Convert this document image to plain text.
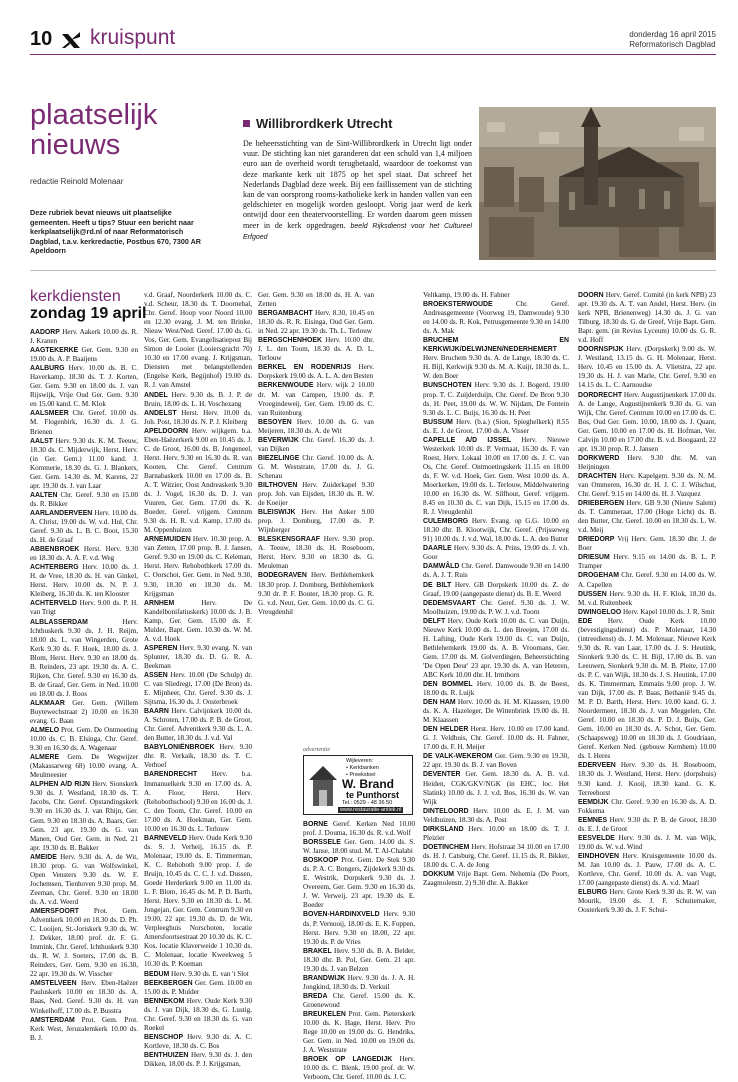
10 kruispunt	donderdag 16 april 2015
Reformatorisch Dagblad
plaatselijk
nieuws
redactie Reinold Molenaar
Deze rubriek bevat nieuws uit plaatselijke gemeenten. Heeft u tips? Stuur een bericht naar kerkplaatselijk@rd.nl of naar Reformatorisch Dagblad, t.a.v. kerkredactie, Postbus 670, 7300 AR Apeldoorn
Willibrordkerk Utrecht
De beheersstichting van de Sint-Willibrordkerk in Utrecht ligt onder vuur. De stichting kan niet garanderen dat een schuld van 1,4 miljoen euro aan de overheid wordt terugbetaald, waardoor de toekomst van deze markante kerk uit 1875 op het spel staat. Dat schreef het Nederlands Dagblad deze week. Bij een faillissement van de stichting kan de van oorsprong rooms-katholieke kerk in handen vallen van een geldschieter en mogelijk worden gesloopt. Vorig jaar werd de kerk ontwijd door een theatervoorstelling. Er worden daarom geen missen meer in de kerk opgedragen. beeld Rijksdienst voor het Cultureel Erfgoed
kerkdiensten
zondag 19 april

AADORP Herv. Aakerk 10.00 ds. R. J. Kranen

AAGTEKERKE Ger. Gem. 9.30 en 19.00 ds. A. P. Baaijens

AALBURG Herv. 10.00 ds. B. C. Haverkamp, 18.30 ds. T. J. Korten, Ger. Gem. 9.30 en 18.00 ds. J. van Rijswijk, Vrije Oud Ger. Gem. 9.30 en 15.00 kand. C. M. Klok

AALSMEER Chr. Geref. 10.00 ds. M. Flogenbirk, 16.30 ds. J. G. Brienen

AALST Herv. 9.30 ds. K. M. Teeuw, 18.30 ds. C. Mijderwijk, Herst. Herv. (in Ger. Gem.) 11.00 kand. J. Kommerie, 18.30 ds. G. J. Blankers, Ger. Gem. 14.30 ds. M. Karens, 22 apr. 19.30 ds. J. van Laar

AALTEN Chr. Geref. 9.30 en 15.00 ds. R. Bikker

AARLANDERVEEN Herv. 10.00 ds. A. Christ, 19.00 ds. W. v.d. Hul, Chr. Geref. 9.30 ds. L. B. C. Boot, 15.30 ds. H. de Graaf

ABBENBROEK Herst. Herv. 9.30 en 18.30 ds. A. A. F. v.d. Weg

ACHTERBERG Herv. 10.00 ds. J. H. de Vree, 18.30 ds. H. van Ginkel, Herst. Herv. 10.00 ds. N. P. J. Kleiberg, 16.30 ds. K. ten Klooster

ACHTERVELD Herv. 9.00 ds. P. H. van Trigt

ALBLASSERDAM	Herv. Ichthuskerk 9.30 ds. J. H. Reijm, 18.00 ds. L. van Wingerden, Grote Kerk 9.30 ds. F. Hoek, 18.00 ds. J. Blom, Herst. Herv. 9.30 en 18.00 ds. B. Reinders, 23 apr. 19.30 ds. A. C. Rijken, Chr. Geref. 9.30 en 16.30 ds. B. de Graaf, Ger. Gem. in Ned. 10.00 en 18.00 ds. J. Roos

ALKMAAR Ger. Gem. (Willem Buytewechstraat 2) 10.00 en 16.30 evang. G. Baan

ALMELO Prot. Gem. De Ontmoeting 10.00 ds. C. B. Elsinga, Chr. Geref. 9.30 en 16.30 ds. A. Wagenaar

ALMERE Gem. De Wegwijzer (Makassarweg 68) 10.00 evang. A. Meulmeester

ALPHEN A/D RIJN Herv. Sionskerk 9.30 ds. J. Westland, 18.30 ds. T. Jacobs, Chr. Geref. Opstandingskerk 9.30 en 16.30 ds. J. van Rhijn, Ger. Gem. 9.30 en 18.30 ds. A. Baars, Ger. Gem. 23 apr. 19.30 ds. G. van Manen, Oud Ger. Gem. in Ned. 21 apr. 19.30 ds. B. Bakker

AMEIDE Herv. 9.30 ds. A. de Wit, 18.30 prop. G. van Wolfswinkel, Open Vensters 9.30 ds. W. F. Jochemsen, Tienhoven 9.30 prop. M. Zeeman, Chr. Geref. 9.30 en 18.00 ds. A. v.d. Weerd

AMERSFOORT Prot. Gem. Adventkerk 10.00 en 18.30 ds. D. Ph. C. Looijen, St.-Joriskerk 9.30 ds. W. J. Dekker, 18.00 prof. dr. F. G. Immink, Chr. Geref. Ichthuskerk 9.30 ds. R. W. J. Soeters, 17.00 ds. B. Reinders, Ger. Gem. 9.30 en 16.30, 22 apr. 19.30 ds. W. Visscher

AMSTELVEEN Herv. Eben-Haëzer Pauluskerk 10.00 en 18.30 ds. A. Baas, Ned. Geref. 9.30 ds. H. van Winkelhoff, 17.00 ds. P. Busstra

AMSTERDAM Prot. Gem. Prot. Kerk West, Jeruzalemkerk 10.00 ds. B. J.

v.d. Graaf, Noorderkerk 10.00 ds. C. v.d. Scheur, 18.30 ds. T. Doornebal, Chr. Geref. Hoop voor Noord 10.00 en 12.30 evang. J. M. ten Brinke, Nieuw West/Ned. Geref. 17.00 ds. G. Vos, Ger. Gem. Evangelisatiepost Bij Simon de Looier (Looiersgracht 70) 10.30 en 17.00 evang. J. Krijgsman, Diensten met belangstellenden (Engelse Kerk, Begijnhof) 19.00 ds. R. J. van Amstel

ANDEL Herv. 9.30 ds. B. J. P. de Bruin, 18.00 ds. L. H. Voschezang

ANDELST Herst. Herv. 10.00 ds. Joh. Post, 18.30 ds. N. P. J. Kleiberg

APELDOORN Herv. wijkgem. b.a. Eben-Haëzerkerk 9.00 en 10.45 ds. J. C. de Groot, 16.00 ds. B. Jongeneel, Herst. Herv. 9.30 en 16.30 ds. R. van Kooten, Chr. Geref. Centrum Barnabaskerk 10.00 en 17.00 ds. B. A. T. Witzier, Oost Andreaskerk 9.30 ds. J. Vogel, 16.30 ds. D. J. van Vuuren, Ger. Gem. 17.00 ds. K. Boeder, Geref. vrijgem. Centrum 9.30 ds. H. R. v.d. Kamp, 17.00 ds. M. Oppenhuizen

ARNEMUIDEN Herv. 10.30 prop. A. van Zetten, 17.00 prop. R. J. Jansen, Geref. 9.30 en 19.00 ds. C. Keleman, Herst. Herv. Rehobothkerk 17.00 ds. C. Oorschot, Ger. Gem. in Ned. 9.30, 9.30, 18.30 en 18.30 ds. M. Krijgsman

ARNHEM	Herv. De Kandelbonifatiuskerk) 10.00 ds. J. B. Kamp, Ger. Gem. 15.00 ds. F. Mulder, Bapt. Gem. 10.30 ds. W. M. A. v.d. Hoek

ASPEREN Herv. 9.30 evang. N. van Splunter, 18.30 ds. D. G. R. A. Beekman

ASSEN Herv. 10.00 (De Schulp) dr. C. van Sliedregt, 17.00 (De Bron) ds. E. Mijnheer, Chr. Geref. 9.30 ds. J. Sijtsma, 16.30 ds. J. Oosterbroek

BAARN Herv. Calvijnkerk 10.00 ds. A. Schroten, 17.00 ds. P. B. de Groot, Chr. Geref. Adventkerk 9.30 ds. L. A. den Butter, 18.30 ds. J. v.d. Val

BABYLONIËNBROEK Herv. 9.30 dhr. R. Verkaik, 18.30 ds. T. C. Verhoef

BARENDRECHT Herv. b.a. Immanuelkerk 9.30 en 17.00 ds. A. A. Floor, Herst. Herv. (Rehobothschool) 9.30 en 16.00 ds. J. C. den Toom, Chr. Geref. 10.00 en 17.00 ds. A. Hoekman, Ger. Gem. 10.00 en 16.30 ds. L. Terlouw

BARNEVELD Herv. Oude Kerk 9.30 ds. S. J. Verheij, 16.15 ds. P. Molenaar, 19.00 ds. E. Timmerman, K. C. Rehoboth 9.00 prop. J. de Bruijn, 10.45 ds. C. C. J. v.d. Dussen, Goede Herderkerk 9.00 en 11.00 ds. L. F. Blom, 16.45 ds. M. P. D. Barth, Herst. Herv. 9.30 en 18.30 ds. L. M. Jongejan, Ger. Gem. Centrum 9.30 en 19.00, 22 apr. 19.30 ds. D. de Wit, Verpleeghuis Norschoten, locatie Amersfoortsestraat 20 10.30 ds. K. C. Kos, locatie Klaverweide 1 10.30 ds. C. Molenaar, locatie Kweekweg 5 10.30 ds. P. Koeman

BEDUM Herv. 9.30 ds. E. van 't Slot

BEEKBERGEN Ger. Gem. 10.00 en 15.00 ds. P. Mulder

BENNEKOM Herv. Oude Kerk 9.30 ds. J. van Dijk, 18.30 ds. G. Lustig, Chr. Geref. 9.30 en 18.30 ds. G. van Roekel

BENSCHOP Herv. 9.30 ds. A. C. Kortleve, 18.30 ds. C. Bos

BENTHUIZEN Herv. 9.30 ds. J. den Dikken, 18.00 ds. P. J. Krijgsman,

Ger. Gem. 9.30 en 18.00 ds. H. A. van Zetten

BERGAMBACHT Herv. 8.30, 10.45 en 18.30 ds. R. R. Eisinga, Oud Ger. Gem. in Ned. 22 apr. 19.30 ds. Th. L. Terlouw

BERGSCHENHOEK Herv. 10.00 dhr. J. L. den Toom, 18.30 ds. A. D. L. Terlouw

BERKEL EN RODENRIJS Herv. Dorpskerk 19.00 ds. A. L. A. den Besten

BERKENWOUDE Herv. wijk 2 10.00 dr. M. van Campen, 19.00 ds. P. Vroegindeweij, Ger. Gem. 19.00 ds. C. van Ruitenburg

BESOYEN Herv. 10.00 ds. G. van Meijeren, 18.30 ds. A. de Wit

BEVERWIJK Chr. Geref. 16.30 ds. J. van Dijken

BIEZELINGE Chr. Geref. 10.00 ds. A. G. M. Weststrate, 17.00 ds. J. G. Schenau

BILTHOVEN Herv. Zuiderkapel 9.30 prop. Joh. van Eijsden, 18.30 ds. R. W. de Koeijer

BLEISWIJK Herv. Het Anker 9.00 prop. J. Domburg, 17.00 ds. P. Wijnberger

BLESKENSGRAAF Herv. 9.30 prop. A. Teeuw, 18.30 ds. H. Roseboom, Herst. Herv. 9.30 en 18.30 ds. G. Meuleman

BODEGRAVEN Herv. Bethlehemkerk 18.30 prop. J. Domburg, Bethlehemkerk 9.30 dr. P. F. Bouter, 18.30 prop. G. R. G. v.d. Neut, Ger. Gem. 10.00 ds. C. G. Vreugdenhil

BORNE Geref. Kerken Ned 10.00 prof. J. Douma, 16.30 ds. R. v.d. Wolf

BORSSELE Ger. Gem. 14.00 ds. S. W. Janse, 18.00 stud. M. T. Al-Chalabi

BOSKOOP Prot. Gem. De Stek 9.30 ds. P. A. C. Bongers, Zijdekerk 9.30 ds. E. Westrik, Dorpskerk 9.30 ds. J. Overeem, Ger. Gem. 9.30 en 16.30 ds. J. W. Verweij, 23 apr. 19.30 ds. E. Boeder

BOVEN-HARDINXVELD Herv. 9.30 ds. P. Vernooij, 18.00 ds. E. K. Foppen, Herst. Herv. 9.30 en 18.00, 22 apr. 19.30 ds. P. de Vries

BRAKEL Herv. 9.30 ds. B. A. Belder, 18.30 dhr. B. Pol, Ger. Gem. 21 apr. 19.30 ds. J. van Belzen

BRANDWIJK Herv. 9.30 ds. J. A. H. Jongkind, 18.30 ds. D. Verkuil

BREDA Chr. Geref. 15.00 ds. K. Groenewoud

BREUKELEN Prot. Gem. Pieterskerk 10.00 ds. K. Hage, Herst. Herv. Pro Rege 10.00 en 19.00 ds. G. Hendriks, Ger. Gem. in Ned. 10.00 en 19.00 ds. J. A. Weststrate

BROEK OP LANGEDIJK Herv. 10.00 ds. C. Blenk, 19.00 prof. dr. W. Verboom, Chr. Geref. 10.00 ds. J. C.

Veltkamp, 19.00 ds. H. Fahner

BROEKSTERWOUDE	Chr. Geref. Andreasgemeente (Voorweg 19, Damwoude) 9.30 en 14.00 ds. R. Kok, Petrusgemeente 9.30 en 14.00 ds. A. Mak

BRUCHEM EN KERKWIJK/DELWIJNEN/NEDERHEMERT Herv. Bruchem 9.30 ds. A. de Lange, 18.30 ds. C. H. Bijl, Kerkwijk 9.30 ds. M. A. Kuijt, 18.30 ds. L. W. den Boer

BUNSCHOTEN Herv. 9.30 ds. J. Bogerd, 19.00 prop. T. C. Zuijderduijn, Chr. Geref. De Bron 9.30 ds. H. Peet, 19.00 ds. W. W. Nijdam, De Fontein 9.30 ds. L. C. Buijs, 16.30 ds. H. Peet

BUSSUM Herv. (b.a.) (Sion, Spieghelkerk) 8.55 ds. E. J. de Groot, 17.00 ds. A. Visser

CAPELLE A/D IJSSEL Herv. Nieuwe Westerkerk 10.00 ds. P. Vermaat, 16.30 ds. F. van Roest, Herv. Lokaal 10.00 en 17.00 ds. J. C. van Os, Chr. Geref. Ontmoetingskerk 11.15 en 18.00 ds. F. W. v.d. Hoek, Ger. Gem. West 10.00 ds. A. Moerkerken, 19.00 ds. L. Terlouw, Middelwatering 10.00 en 16.30 ds. W. Silfhout, Geref. vrijgem. 8.45 en 10.30 ds. C. van Dijk, 15.15 en 17.00 ds. R. J. Vreugdenhil

CULEMBORG Herv. Evang. op G.G. 10.00 en 18.30 dhr. B. Klootwijk, Chr. Geref. (Prijsseweg 91) 10.00 ds. J. v.d. Wal, 18.00 ds. L. A. den Butter

DAARLE Herv. 9.30 ds. A. Prins, 19.00 ds. J. v.h. Goor

DAMWÂLD Chr. Geref. Damwoude 9.30 en 14.00 ds. A. J. T. Ruis

DE BILT Herv. GB Dorpskerk 10.00 ds. Z. de Graaf, 19.00 (aangepaste dienst) ds. B. E. Weerd

DEDEMSVAART Chr. Geref. 9.30 ds. J. W. Moolhuizen, 19.00 ds. P. W. J. v.d. Toorn

DELFT Herv. Oude Kerk 10.00 ds. C. van Duijn, Nieuwe Kerk 10.00 ds. L. den Breejen, 17.00 ds. H. Lafting, Oude Kerk 19.00 ds. C. van Duijn, Bethlehemkerk 19.00 ds. A. B. Vroomans, Ger. Gem. 17.00 ds. M. Golverdingen, Beheerstichting 'De Open Deur' 23 apr. 19.30 ds. A. van Heteren, ABC Kerk 10.00 dhr. H. Irmthorn

DEN BOMMEL Herv. 10.00 ds. B. de Boest, 18.00 ds. R. Luijk

DEN HAM Herv. 10.00 ds. H. M. Klaassen, 19.00 ds. K. A. Hazeleger, De Wittenbrink 19.00 ds. H. M. Klaassen

DEN HELDER Herst. Herv. 10.00 en 17.00 kand. G. J. Veldhuis, Chr. Geref. 10.00 ds. H. Fahner, 17.00 ds. F. H. Meijer

DE VALK-WEKEROM Ger. Gem. 9.30 en 19.30, 22 apr. 19.30 ds. B. J. van Boven

DEVENTER Ger. Gem. 18.30 ds. A. B. v.d. Heiden, CGK/GKV/NGK (in EHC, loc. Het Slatink) 10.00 ds. J. J. v.d. Bos, 16.30 ds. W. van Wijk

DINTELOORD Herv. 10.00 ds. E. J. M. van Veldhuizen, 18.30 ds. A. Post

DIRKSLAND Herv. 10.00 en 18.00 ds. T. J. Pleizier

DOETINCHEM Herv. Hofstraat 34 10.00 en 17.00 ds. H. J. Catsburg, Chr. Geref. 11.15 ds. R. Bikker, 18.00 ds. C. A. de Jong

DOKKUM Vrije Bapt. Gem. Nehemia (De Poort, Zaagmolenstr. 2) 9.30 dhr. A. Bakker

DOORN Herv. Geref. Comité (in kerk NPB) 23 apr. 19.30 ds. A. T. van Andel, Herst. Herv. (in kerk NPB, Brienenweg) 14.30 ds. J. G. van Tilburg, 18.30 ds. G. de Greef, Vrije Bapt. Gem. Bapt. gem. (in Revius Lyceum) 10.00 ds. G. R. v.d. Hoff

DOORNSPIJK Herv. (Dorpskerk) 9.00 ds. W. J. Westland, 13.15 ds. G. H. Molenaar, Herst. Herv. 10.45 en 15.00 ds. A. Vlietstra, 22 apr. 19.30 ds. H. J. van Marle, Chr. Geref. 9.30 en 14.15 ds. L. C. Aarnoudse

DORDRECHT Herv. Augustijnenkerk 17.00 ds. A. de Lange, Augustijnenkerk 9.30 ds. G. van Wijk, Chr. Geref. Centrum 10.00 en 17.00 ds. C. Bos, Oud Ger. Gem. 10.00, 18.00 ds. J. Quant, Ger. Gem. 10.00 en 17.00 ds. H. Hofman, Ver. Calvijn 10.00 en 17.00 dhr. B. v.d. Boogaard, 22 apr. 19.30 prop. R. J. Jansen

DORKWERD Herv. 9.30 dhr. M. van Heijningen

DRACHTEN Herv. Kapelgem. 9.30 ds. N. M. van Ommeren, 16.30 dr. H. J. C. J. Wilschut, Chr. Geref. 9.15 en 14.00 ds. H. J. Vazquez

DRIEBERGEN Herv. GB 9.30 (Nieuw Salem) ds. T. Cammeraat, 17.00 (Hoge Licht) ds. B. den Butter, Chr. Geref. 10.00 en 18.30 ds. L. W. v.d. Meij

DRIEDORP Vrij Herv. Gem. 18.30 dhr. J. de Boer

DRIESUM Herv. 9.15 en 14.00 ds. B. L. P. Tramper

DROGEHAM Chr. Geref. 9.30 en 14.00 ds. W. A. Capellen

DUSSEN Herv. 9.30 ds. H. F. Klok, 18.30 ds. M. v.d. Ruitenbeek

DWINGELOO Herv. Kapel 10.00 ds. J. R. Smit

EDE Herv. Oude Kerk 10.00 (bevestigingsdienst) ds. P. Molenaar, 14.30 (intreedienst) ds. J. M. Molenaar, Nieuwe Kerk 9.30 ds. R. van Laar, 17.00 ds. J. S. Heutink, Sionkerk 9.30 ds. C. H. Bijl, 17.00 ds. B. van Leeuwen, Sionkerk 9.30 ds. M. B. Pleite, 17.00 ds. P. C. van Wijk, 18.30 ds. J. S. Heutink, 17.00 ds. K. Timmerman, Emmaüs 9.00 prop. J. W. van Dijk, 17.00 ds. P. Baas, Bethanië 9.45 ds. M. P. D. Barth, Herst. Herv. 10.00 kand. G. J. Noordermeer, 18.30 ds. J. van Meggelen, Chr. Geref. 10.00 en 18.30 ds. P. D. J. Buijs, Ger. Gem. 10.00 en 18.30 ds. A. Schot, Ger. Gem. (Schaapsweg) 10.00 en 18.30 ds. J. Goudriaan, Geref. Kerken Ned. (gebouw Kernhem) 10.00 ds. I. Heres

EDERVEEN Herv. 9.30 ds. H. Roseboom, 18.30 ds. J. Westland, Herst. Herv. (dorpshuis) 9.30 kand. J. Kooij, 18.30 kand. G. K. Terreehorst

EEMDIJK Chr. Geref. 9.30 en 16.30 ds. A. D. Fokkema

EEMNES Herv. 9.30 ds. P. B. de Groot, 18.30 ds. E. J. de Groot

EESVELDE Herv. 9.30 ds. J. M. van Wijk, 19.00 ds. W. v.d. Wind

EINDHOVEN Herv. Kruisgemeente 10.00 ds. M. Jan 10.00 ds. J. Pauw, 17.00 ds. A. C. Kortleve, Chr. Geref. 10.00 ds. A. van Vugt, 17.00 (aangepaste dienst) ds. A. v.d. Maarl

ELBURG Herv. Grote Kerk 9.30 ds. R. W. van Mourik, 19.00 ds. J. F. Schuitemaker, Oosterkerk 9.30 ds. J. F. Schui-

advertentie
Wijleveren:
• Kerkbanken
• Preekstoel
W. Brand
te Punthorst
Tel.: 0529 - 48 36 50
www.restauratie-antiek.nl
